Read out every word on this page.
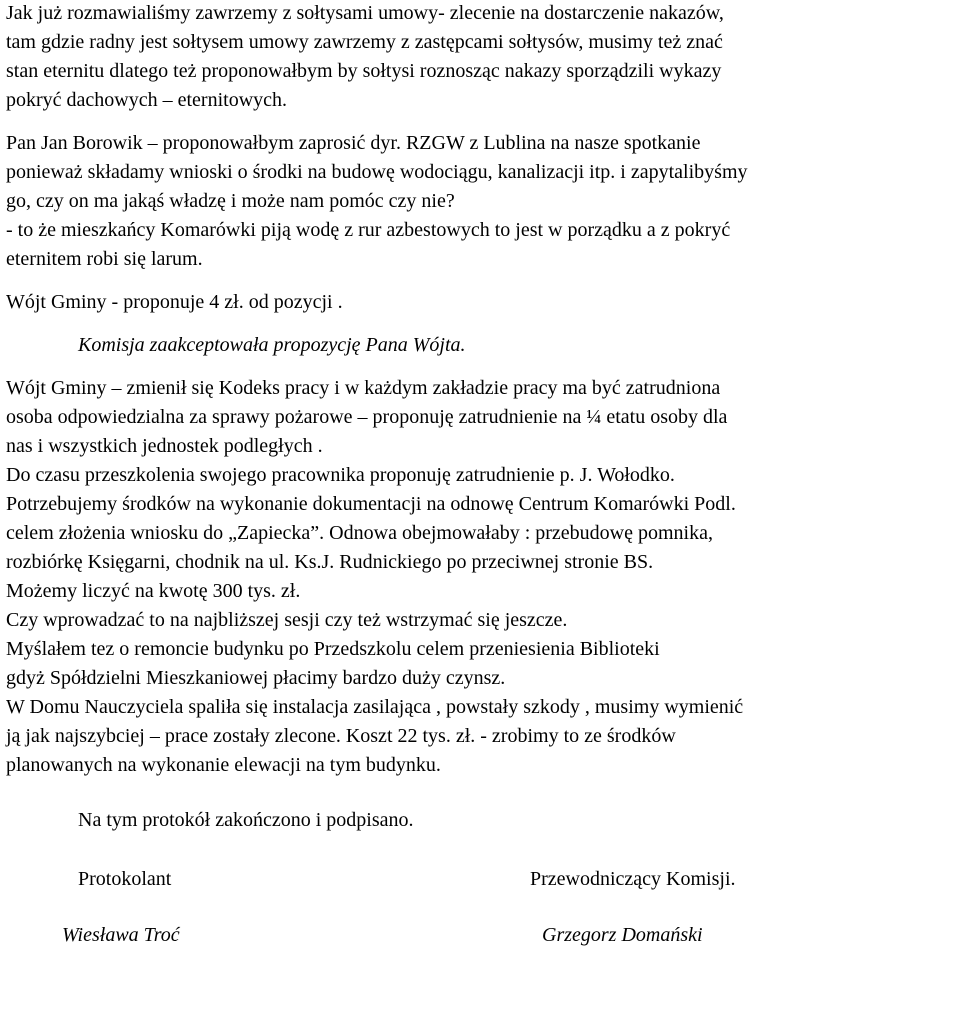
Jak już rozmawialiśmy zawrzemy z sołtysami umowy- zlecenie na dostarczenie nakazów,

tam gdzie radny jest sołtysem umowy zawrzemy z zastępcami sołtysów, musimy też znać

stan eternitu dlatego też proponowałbym by sołtysi roznosząc nakazy sporządzili wykazy

pokryć dachowych – eternitowych.

Pan Jan Borowik – proponowałbym zaprosić dyr. RZGW z Lublina na nasze spotkanie

ponieważ składamy wnioski o środki na budowę wodociągu, kanalizacji itp. i zapytalibyśmy

go, czy on ma jakąś władzę i może nam pomóc czy nie?

- to że mieszkańcy Komarówki piją wodę z rur azbestowych to jest w porządku a z pokryć

eternitem robi się larum.

Wójt Gminy - proponuje 4 zł. od pozycji .

Komisja zaakceptowała propozycję Pana Wójta.

Wójt Gminy – zmienił się Kodeks pracy i w każdym zakładzie pracy ma być zatrudniona

osoba odpowiedzialna za sprawy pożarowe – proponuję zatrudnienie na ¼ etatu osoby dla

nas i wszystkich jednostek podległych .

Do czasu przeszkolenia swojego pracownika proponuję zatrudnienie p. J. Wołodko.

Potrzebujemy środków na wykonanie dokumentacji na odnowę Centrum Komarówki Podl.

celem złożenia wniosku do „Zapiecka”. Odnowa obejmowałaby : przebudowę pomnika,

rozbiórkę Księgarni, chodnik na ul. Ks.J. Rudnickiego po przeciwnej stronie BS.

Możemy liczyć na kwotę 300 tys. zł.

Czy wprowadzać to na najbliższej sesji czy też wstrzymać się jeszcze.

Myślałem tez o remoncie budynku po Przedszkolu celem przeniesienia Biblioteki

gdyż Spółdzielni Mieszkaniowej płacimy bardzo duży czynsz.

W Domu Nauczyciela spaliła się instalacja zasilająca , powstały szkody , musimy wymienić

ją jak najszybciej – prace zostały zlecone. Koszt 22 tys. zł. - zrobimy to ze środków

planowanych na wykonanie elewacji na tym budynku.

Na tym protokół zakończono i podpisano.

Protokolant	Przewodniczący Komisji.
Wiesława Troć	Grzegorz Domański
